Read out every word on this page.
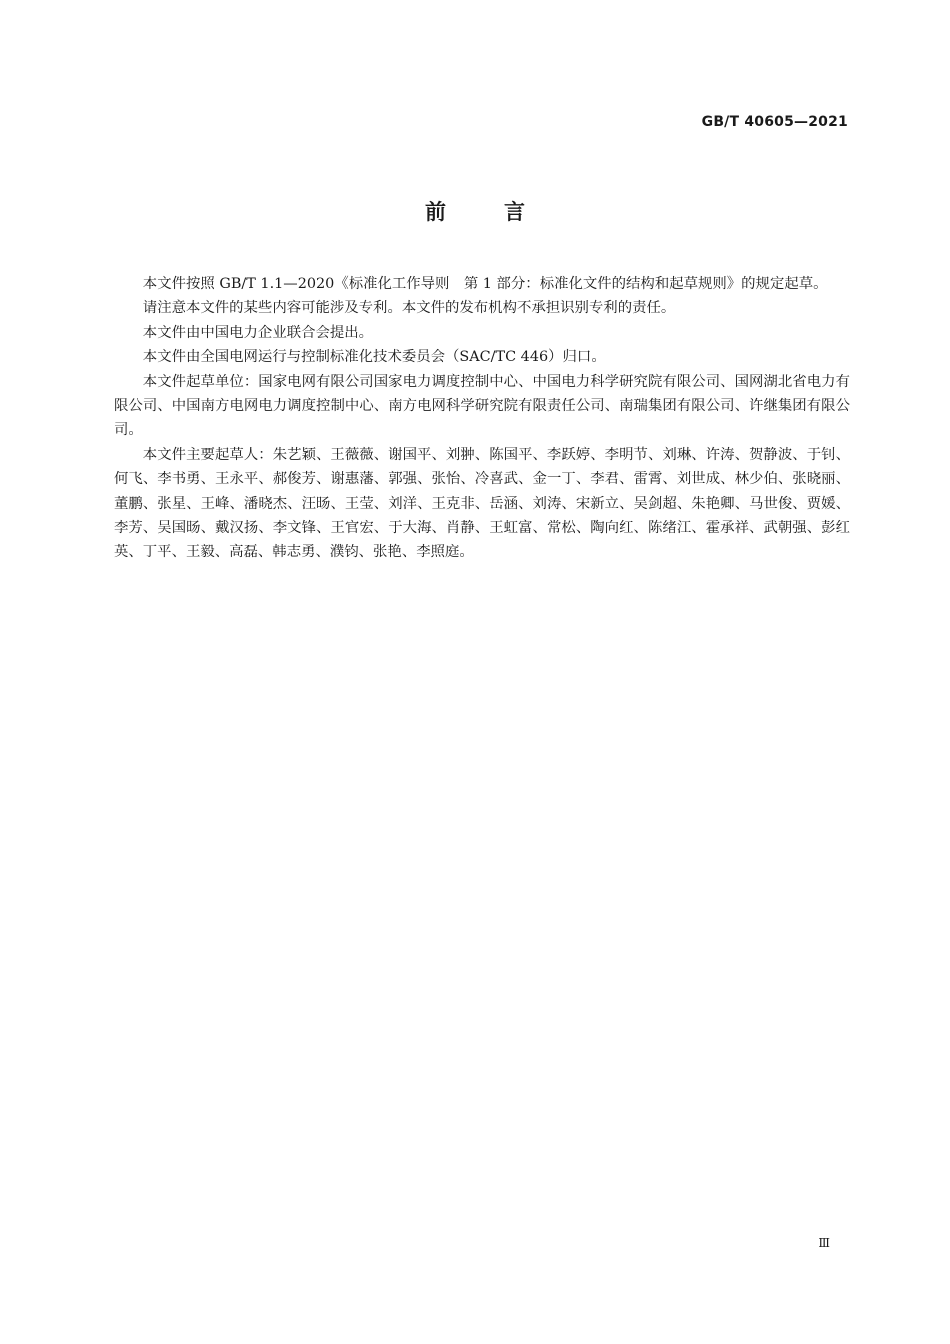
GB/T 40605—2021

前言

本文件按照 GB/T 1.1—2020《标准化工作导则　第 1 部分：标准化文件的结构和起草规则》的规定起草。

请注意本文件的某些内容可能涉及专利。本文件的发布机构不承担识别专利的责任。

本文件由中国电力企业联合会提出。

本文件由全国电网运行与控制标准化技术委员会（SAC/TC 446）归口。

本文件起草单位：国家电网有限公司国家电力调度控制中心、中国电力科学研究院有限公司、国网湖北省电力有限公司、中国南方电网电力调度控制中心、南方电网科学研究院有限责任公司、南瑞集团有限公司、许继集团有限公司。

本文件主要起草人：朱艺颖、王薇薇、谢国平、刘翀、陈国平、李跃婷、李明节、刘琳、许涛、贺静波、于钊、何飞、李书勇、王永平、郝俊芳、谢惠藩、郭强、张怡、冷喜武、金一丁、李君、雷霄、刘世成、林少伯、张晓丽、董鹏、张星、王峰、潘晓杰、汪旸、王莹、刘洋、王克非、岳涵、刘涛、宋新立、吴剑超、朱艳卿、马世俊、贾媛、李芳、吴国旸、戴汉扬、李文锋、王官宏、于大海、肖静、王虹富、常松、陶向红、陈绪江、霍承祥、武朝强、彭红英、丁平、王毅、高磊、韩志勇、濮钧、张艳、李照庭。

Ⅲ
